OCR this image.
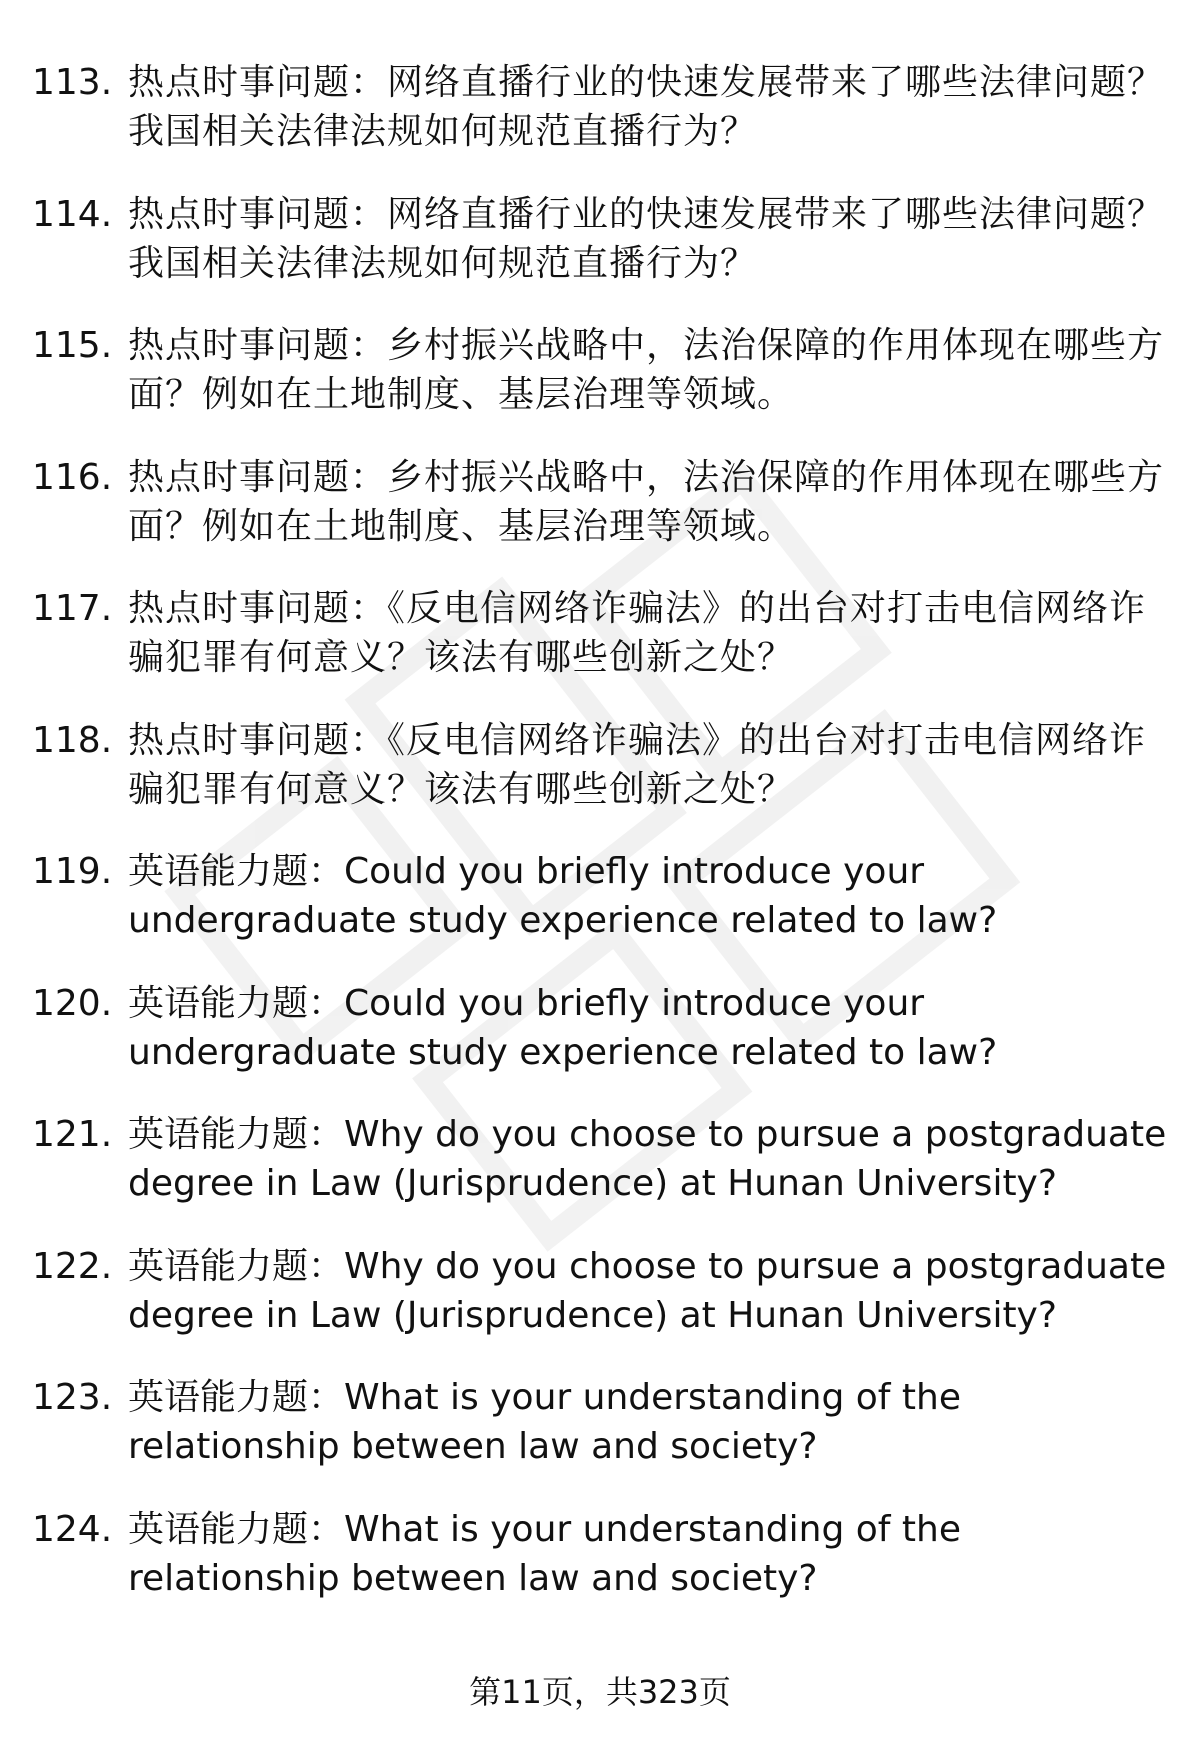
113. 热点时事问题：网络直播行业的快速发展带来了哪些法律问题？我国相关法律法规如何规范直播行为？
114. 热点时事问题：网络直播行业的快速发展带来了哪些法律问题？我国相关法律法规如何规范直播行为？
115. 热点时事问题：乡村振兴战略中，法治保障的作用体现在哪些方面？例如在土地制度、基层治理等领域。
116. 热点时事问题：乡村振兴战略中，法治保障的作用体现在哪些方面？例如在土地制度、基层治理等领域。
117. 热点时事问题：《反电信网络诈骗法》的出台对打击电信网络诈骗犯罪有何意义？该法有哪些创新之处？
118. 热点时事问题：《反电信网络诈骗法》的出台对打击电信网络诈骗犯罪有何意义？该法有哪些创新之处？
119. 英语能力题：Could you briefly introduce your undergraduate study experience related to law?
120. 英语能力题：Could you briefly introduce your undergraduate study experience related to law?
121. 英语能力题：Why do you choose to pursue a postgraduate degree in Law (Jurisprudence) at Hunan University?
122. 英语能力题：Why do you choose to pursue a postgraduate degree in Law (Jurisprudence) at Hunan University?
123. 英语能力题：What is your understanding of the relationship between law and society?
124. 英语能力题：What is your understanding of the relationship between law and society?
第11页，共323页
